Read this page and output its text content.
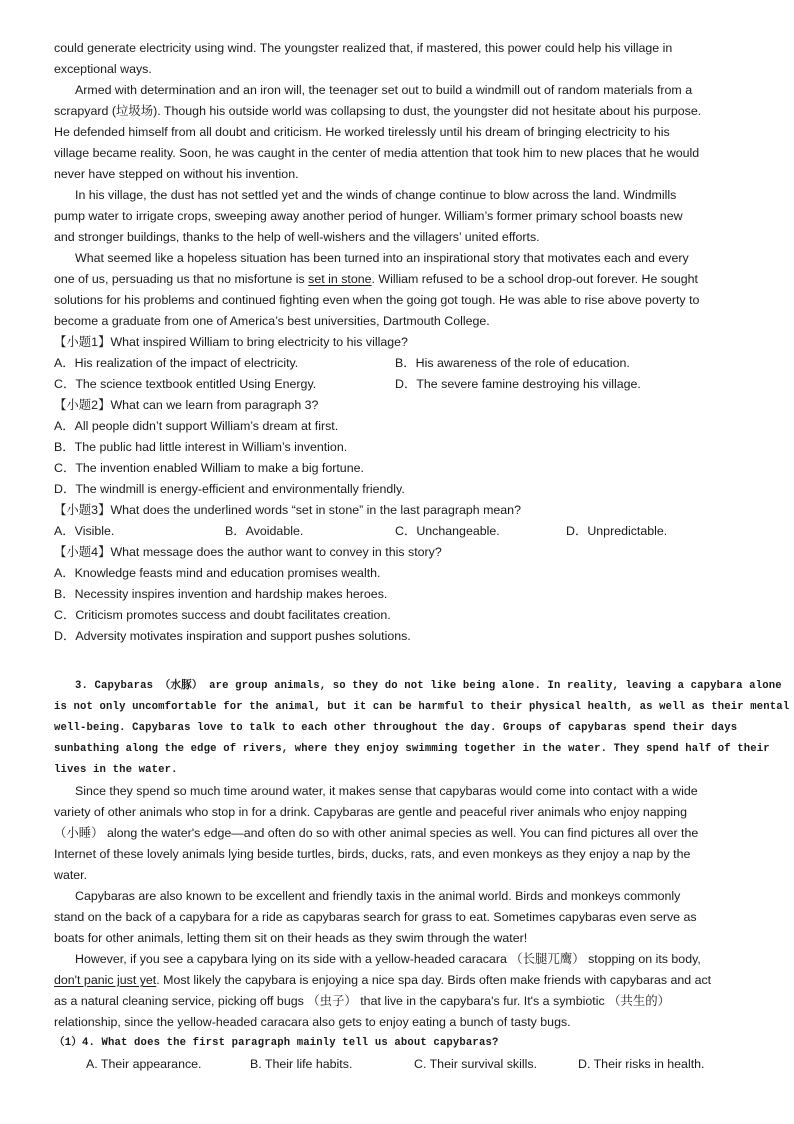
could generate electricity using wind. The youngster realized that, if mastered, this power could help his village in
exceptional ways.
Armed with determination and an iron will, the teenager set out to build a windmill out of random materials from a
scrapyard (垃圾场). Though his outside world was collapsing to dust, the youngster did not hesitate about his purpose.
He defended himself from all doubt and criticism. He worked tirelessly until his dream of bringing electricity to his
village became reality. Soon, he was caught in the center of media attention that took him to new places that he would
never have stepped on without his invention.
In his village, the dust has not settled yet and the winds of change continue to blow across the land. Windmills
pump water to irrigate crops, sweeping away another period of hunger. William’s former primary school boasts new
and stronger buildings, thanks to the help of well-wishers and the villagers’ united efforts.
What seemed like a hopeless situation has been turned into an inspirational story that motivates each and every
one of us, persuading us that no misfortune is set in stone. William refused to be a school drop-out forever. He sought
solutions for his problems and continued fighting even when the going got tough. He was able to rise above poverty to
become a graduate from one of America’s best universities, Dartmouth College.
【小题1】What inspired William to bring electricity to his village?
A．His realization of the impact of electricity.	B．His awareness of the role of education.
C．The science textbook entitled Using Energy.	D．The severe famine destroying his village.
【小题2】What can we learn from paragraph 3?
A．All people didn’t support William’s dream at first.
B．The public had little interest in William’s invention.
C．The invention enabled William to make a big fortune.
D．The windmill is energy-efficient and environmentally friendly.
【小题3】What does the underlined words “set in stone” in the last paragraph mean?
A．Visible.	B．Avoidable.	C．Unchangeable.	D．Unpredictable.
【小题4】What message does the author want to convey in this story?
A．Knowledge feasts mind and education promises wealth.
B．Necessity inspires invention and hardship makes heroes.
C．Criticism promotes success and doubt facilitates creation.
D．Adversity motivates inspiration and support pushes solutions.
3. Capybaras （水豚） are group animals, so they do not like being alone. In reality, leaving a capybara alone
is not only uncomfortable for the animal, but it can be harmful to their physical health, as well as their mental
well-being. Capybaras love to talk to each other throughout the day. Groups of capybaras spend their days
sunbathing along the edge of rivers, where they enjoy swimming together in the water. They spend half of their
lives in the water.
Since they spend so much time around water, it makes sense that capybaras would come into contact with a wide
variety of other animals who stop in for a drink. Capybaras are gentle and peaceful river animals who enjoy napping
（小睡） along the water's edge—and often do so with other animal species as well. You can find pictures all over the
Internet of these lovely animals lying beside turtles, birds, ducks, rats, and even monkeys as they enjoy a nap by the
water.
Capybaras are also known to be excellent and friendly taxis in the animal world. Birds and monkeys commonly
stand on the back of a capybara for a ride as capybaras search for grass to eat. Sometimes capybaras even serve as
boats for other animals, letting them sit on their heads as they swim through the water!
However, if you see a capybara lying on its side with a yellow-headed caracara （长腿兀鹰） stopping on its body,
don't panic just yet. Most likely the capybara is enjoying a nice spa day. Birds often make friends with capybaras and act
as a natural cleaning service, picking off bugs （虫子） that live in the capybara's fur. It's a symbiotic （共生的）
relationship, since the yellow-headed caracara also gets to enjoy eating a bunch of tasty bugs.
（1）4. What does the first paragraph mainly tell us about capybaras?
A. Their appearance.	B. Their life habits.	C. Their survival skills.	D. Their risks in health.
